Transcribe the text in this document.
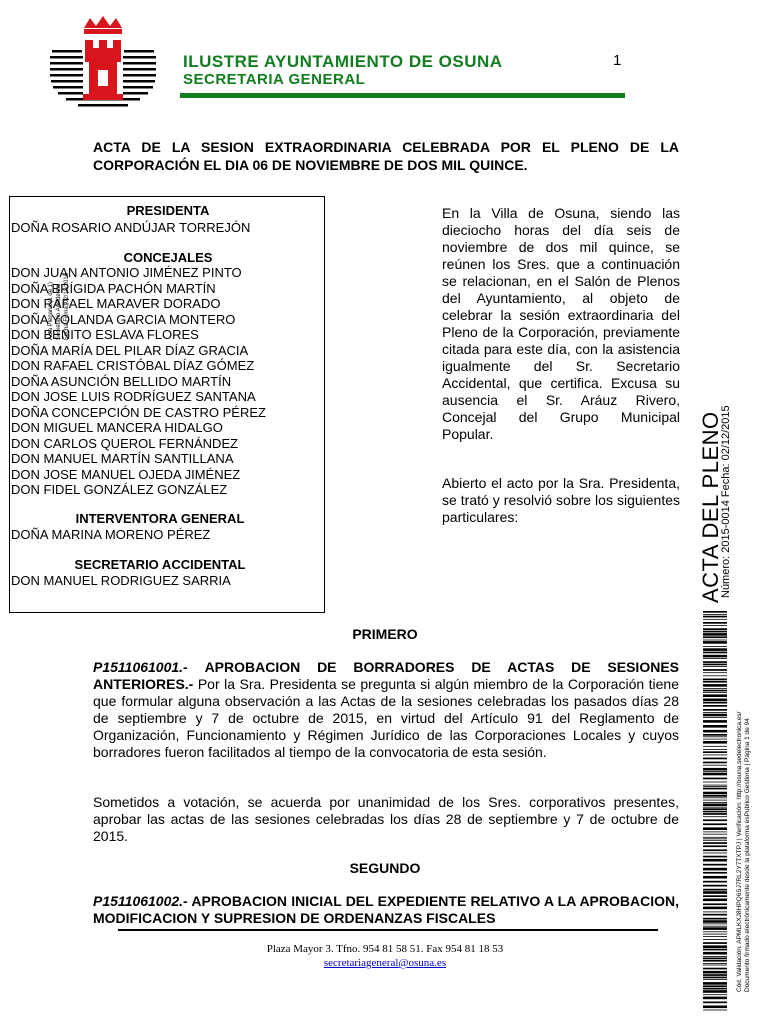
ILUSTRE AYUNTAMIENTO DE OSUNA
SECRETARIA GENERAL
1
ACTA DE LA SESION EXTRAORDINARIA CELEBRADA POR EL PLENO DE LA CORPORACIÓN EL DIA 06 DE NOVIEMBRE DE DOS MIL QUINCE.
PRESIDENTA
DOÑA ROSARIO ANDÚJAR TORREJÓN
CONCEJALES
DON JUAN ANTONIO JIMÉNEZ PINTO
DOÑA BRÍGIDA PACHÓN MARTÍN
DON RAFAEL MARAVER DORADO
DOÑA YOLANDA GARCIA MONTERO
DON BENITO ESLAVA FLORES
DOÑA MARÍA DEL PILAR DÍAZ GRACIA
DON RAFAEL CRISTÓBAL DÍAZ GÓMEZ
DOÑA ASUNCIÓN BELLIDO MARTÍN
DON JOSE LUIS RODRÍGUEZ SANTANA
DOÑA CONCEPCIÓN DE CASTRO PÉREZ
DON MIGUEL MANCERA HIDALGO
DON CARLOS QUEROL FERNÁNDEZ
DON MANUEL MARTÍN SANTILLANA
DON JOSE MANUEL OJEDA JIMÉNEZ
DON FIDEL GONZÁLEZ GONZÁLEZ
INTERVENTORA GENERAL
DOÑA MARINA MORENO PÉREZ
SECRETARIO ACCIDENTAL
DON MANUEL RODRIGUEZ SARRIA
Acta Plenaria (1 de 1) Secretario Accidental Fecha Firma: 02/12/2015
En la Villa de Osuna, siendo las dieciocho horas del día seis de noviembre de dos mil quince, se reúnen los Sres. que a continuación se relacionan, en el Salón de Plenos del Ayuntamiento, al objeto de celebrar la sesión extraordinaria del Pleno de la Corporación, previamente citada para este día, con la asistencia igualmente del Sr. Secretario Accidental, que certifica. Excusa su ausencia el Sr. Aráuz Rivero, Concejal del Grupo Municipal Popular.
Abierto el acto por la Sra. Presidenta, se trató y resolvió sobre los siguientes particulares:
PRIMERO
P1511061001.- APROBACION DE BORRADORES DE ACTAS DE SESIONES ANTERIORES.- Por la Sra. Presidenta se pregunta si algún miembro de la Corporación tiene que formular alguna observación a las Actas de la sesiones celebradas los pasados días 28 de septiembre y 7 de octubre de 2015, en virtud del Artículo 91 del Reglamento de Organización, Funcionamiento y Régimen Jurídico de las Corporaciones Locales y cuyos borradores fueron facilitados al tiempo de la convocatoria de esta sesión.
Sometidos a votación, se acuerda por unanimidad de los Sres. corporativos presentes, aprobar las actas de las sesiones celebradas los días 28 de septiembre y 7 de octubre de 2015.
SEGUNDO
P1511061002.- APROBACION INICIAL DEL EXPEDIENTE RELATIVO A LA APROBACION, MODIFICACION Y SUPRESION DE ORDENANZAS FISCALES
Plaza Mayor 3. Tfno. 954 81 58 51. Fax 954 81 18 53
secretariageneral@osuna.es
ACTA DEL PLENO
Número: 2015-0014 Fecha: 02/12/2015
Cód. Validación: APMLKXJ8HPQ6SJ7RL2Y7TXTPJ | Verificación: http://osuna.sedelectronica.es/ Documento firmado electrónicamente desde la plataforma esPublico Gestiona | Página 1 de 94
